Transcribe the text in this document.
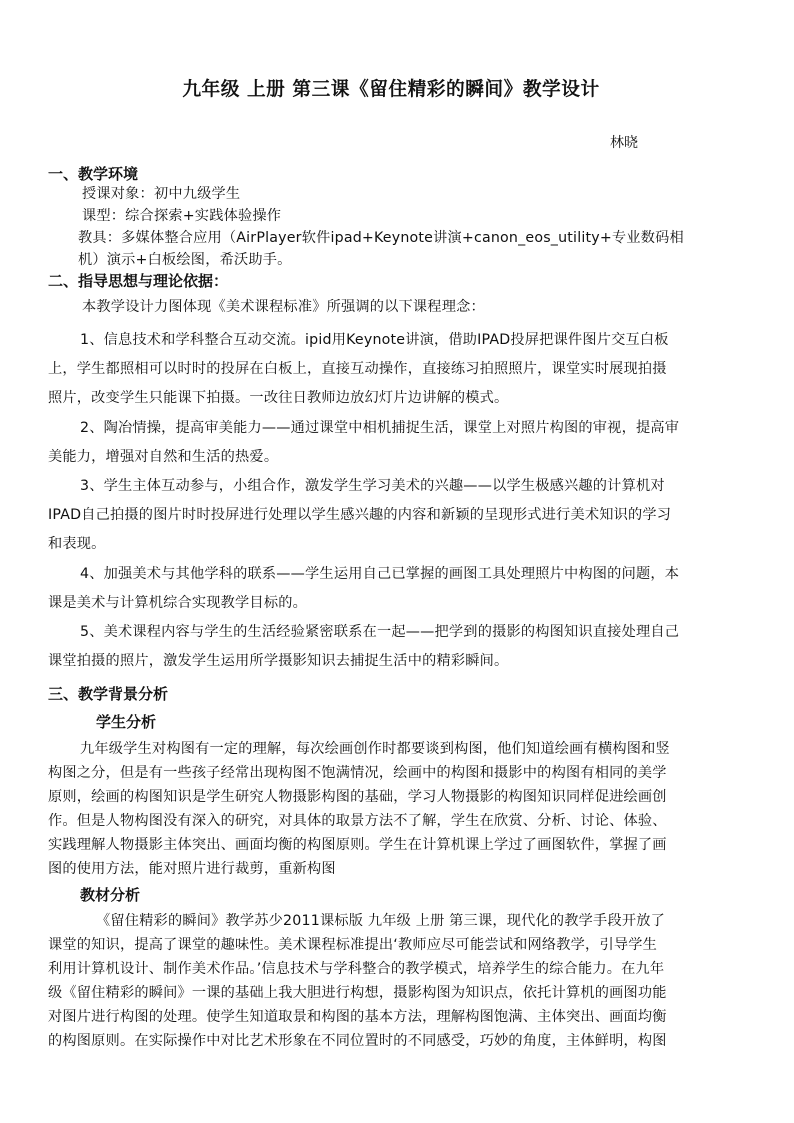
九年级 上册 第三课《留住精彩的瞬间》教学设计
林晓
一、教学环境
授课对象：初中九级学生
课型：综合探索+实践体验操作
教具：多媒体整合应用（AirPlayer软件ipad+Keynote讲演+canon_eos_utility+专业数码相
机）演示+白板绘图，希沃助手。
二、指导思想与理论依据：
本教学设计力图体现《美术课程标准》所强调的以下课程理念：
1、信息技术和学科整合互动交流。ipid用Keynote讲演，借助IPAD投屏把课件图片交互白板
上，学生都照相可以时时的投屏在白板上，直接互动操作，直接练习拍照照片，课堂实时展现拍摄
照片，改变学生只能课下拍摄。一改往日教师边放幻灯片边讲解的模式。
2、陶冶情操，提高审美能力——通过课堂中相机捕捉生活，课堂上对照片构图的审视，提高审
美能力，增强对自然和生活的热爱。
3、学生主体互动参与，小组合作，激发学生学习美术的兴趣——以学生极感兴趣的计算机对
IPAD自己拍摄的图片时时投屏进行处理以学生感兴趣的内容和新颖的呈现形式进行美术知识的学习
和表现。
4、加强美术与其他学科的联系——学生运用自己已掌握的画图工具处理照片中构图的问题，本
课是美术与计算机综合实现教学目标的。
5、美术课程内容与学生的生活经验紧密联系在一起——把学到的摄影的构图知识直接处理自己
课堂拍摄的照片，激发学生运用所学摄影知识去捕捉生活中的精彩瞬间。
三、教学背景分析
学生分析
九年级学生对构图有一定的理解，每次绘画创作时都要谈到构图，他们知道绘画有横构图和竖
构图之分，但是有一些孩子经常出现构图不饱满情况，绘画中的构图和摄影中的构图有相同的美学
原则，绘画的构图知识是学生研究人物摄影构图的基础，学习人物摄影的构图知识同样促进绘画创
作。但是人物构图没有深入的研究，对具体的取景方法不了解，学生在欣赏、分析、讨论、体验、
实践理解人物摄影主体突出、画面均衡的构图原则。学生在计算机课上学过了画图软件，掌握了画
图的使用方法，能对照片进行裁剪，重新构图
教材分析
《留住精彩的瞬间》教学苏少2011课标版 九年级 上册 第三课，现代化的教学手段开放了
课堂的知识，提高了课堂的趣味性。美术课程标准提出‘教师应尽可能尝试和网络教学，引导学生
利用计算机设计、制作美术作品。’信息技术与学科整合的教学模式，培养学生的综合能力。在九年
级《留住精彩的瞬间》一课的基础上我大胆进行构想，摄影构图为知识点，依托计算机的画图功能
对图片进行构图的处理。使学生知道取景和构图的基本方法，理解构图饱满、主体突出、画面均衡
的构图原则。在实际操作中对比艺术形象在不同位置时的不同感受，巧妙的角度，主体鲜明，构图
